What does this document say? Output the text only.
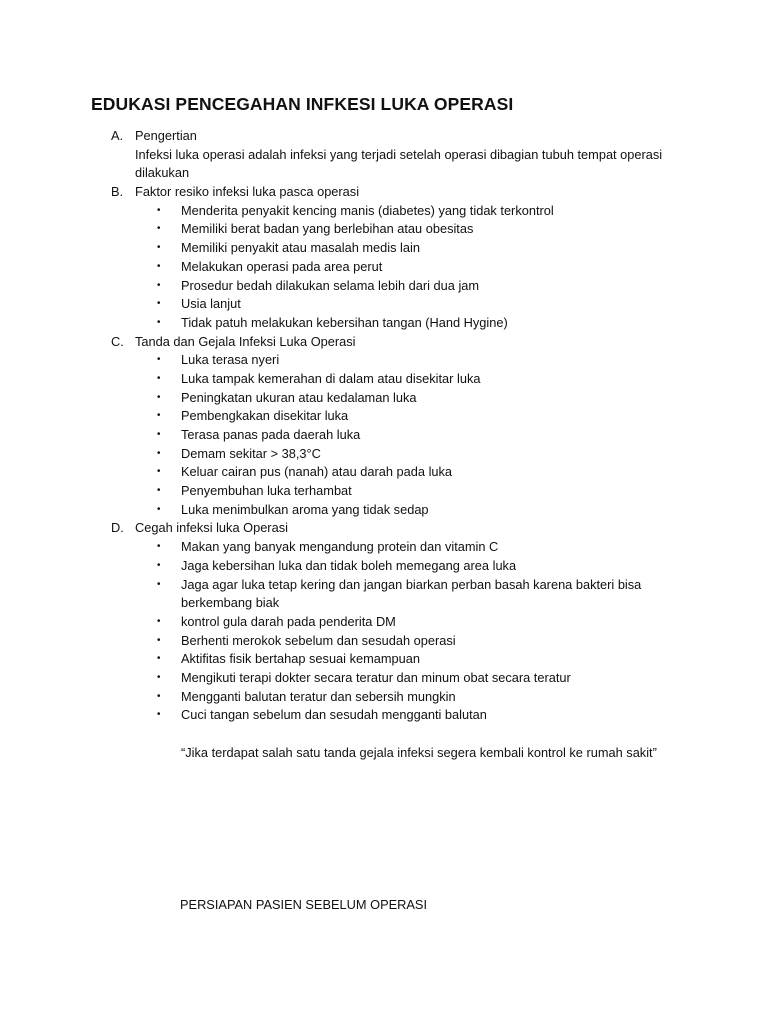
EDUKASI PENCEGAHAN INFKESI LUKA OPERASI
A. Pengertian
Infeksi luka operasi adalah infeksi yang terjadi setelah operasi dibagian tubuh tempat operasi
dilakukan
B. Faktor resiko infeksi luka pasca operasi
• Menderita penyakit kencing manis (diabetes) yang tidak terkontrol
• Memiliki berat badan yang berlebihan atau obesitas
• Memiliki penyakit atau masalah medis lain
• Melakukan operasi pada area perut
• Prosedur bedah dilakukan selama lebih dari dua jam
• Usia lanjut
• Tidak patuh melakukan kebersihan tangan (Hand Hygine)
C. Tanda dan Gejala Infeksi Luka Operasi
• Luka terasa nyeri
• Luka tampak kemerahan di dalam atau disekitar luka
• Peningkatan ukuran atau kedalaman luka
• Pembengkakan disekitar luka
• Terasa panas pada daerah luka
• Demam sekitar > 38,3°C
• Keluar cairan pus (nanah) atau darah pada luka
• Penyembuhan luka terhambat
• Luka menimbulkan aroma yang tidak sedap
D. Cegah infeksi luka Operasi
• Makan yang banyak mengandung protein dan vitamin C
• Jaga kebersihan luka dan tidak boleh memegang area luka
• Jaga agar luka tetap kering dan jangan biarkan perban basah karena bakteri bisa
berkembang biak
• kontrol gula darah pada penderita DM
• Berhenti merokok sebelum dan sesudah operasi
• Aktifitas fisik bertahap sesuai kemampuan
• Mengikuti terapi dokter secara teratur dan minum obat secara teratur
• Mengganti balutan teratur dan sebersih mungkin
• Cuci tangan sebelum dan sesudah mengganti balutan
“Jika terdapat salah satu tanda gejala infeksi segera kembali kontrol ke rumah sakit”
PERSIAPAN PASIEN SEBELUM OPERASI
